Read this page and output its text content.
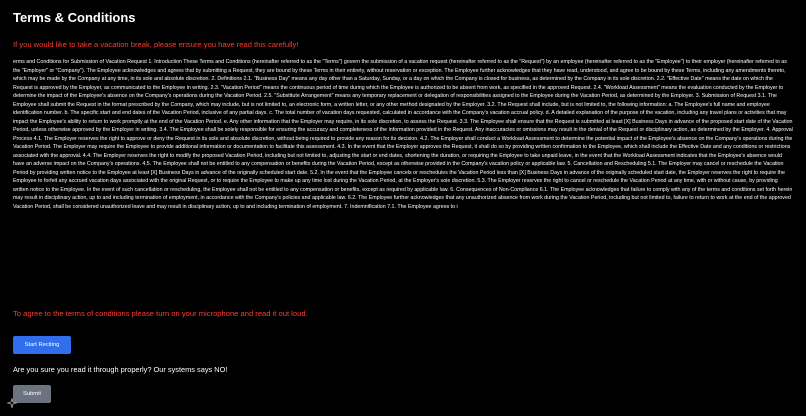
Terms & Conditions
If you would like to take a vacation break, please ensure you have read this carefully!
erms and Conditions for Submission of Vacation Request 1. Introduction These Terms and Conditions (hereinafter referred to as the "Terms") govern the submission of a vacation request (hereinafter referred to as the "Request") by an employee (hereinafter referred to as the "Employee") to their employer (hereinafter referred to as the "Employer" or "Company"). The Employee acknowledges and agrees that by submitting a Request, they are bound by these Terms in their entirety, without reservation or exception. The Employee further acknowledges that they have read, understood, and agree to be bound by these Terms, including any amendments thereto, which may be made by the Company at any time, in its sole and absolute discretion. 2. Definitions 2.1. "Business Day" means any day other than a Saturday, Sunday, or a day on which the Company is closed for business, as determined by the Company in its sole discretion. 2.2. "Effective Date" means the date on which the Request is approved by the Employer, as communicated to the Employee in writing. 2.3. "Vacation Period" means the continuous period of time during which the Employee is authorized to be absent from work, as specified in the approved Request. 2.4. "Workload Assessment" means the evaluation conducted by the Employer to determine the impact of the Employee's absence on the Company's operations during the Vacation Period. 2.5. "Substitute Arrangement" means any temporary replacement or delegation of responsibilities assigned to the Employee during the Vacation Period, as determined by the Employer. 3. Submission of Request 3.1. The Employee shall submit the Request in the format prescribed by the Company, which may include, but is not limited to, an electronic form, a written letter, or any other method designated by the Employer. 3.2. The Request shall include, but is not limited to, the following information: a. The Employee's full name and employee identification number. b. The specific start and end dates of the Vacation Period, inclusive of any partial days. c. The total number of vacation days requested, calculated in accordance with the Company's vacation accrual policy. d. A detailed explanation of the purpose of the vacation, including any travel plans or activities that may impact the Employee's ability to return to work promptly at the end of the Vacation Period. e. Any other information that the Employer may require, in its sole discretion, to assess the Request. 3.3. The Employee shall ensure that the Request is submitted at least [X] Business Days in advance of the proposed start date of the Vacation Period, unless otherwise approved by the Employer in writing. 3.4. The Employee shall be solely responsible for ensuring the accuracy and completeness of the information provided in the Request. Any inaccuracies or omissions may result in the denial of the Request or disciplinary action, as determined by the Employer. 4. Approval Process 4.1. The Employer reserves the right to approve or deny the Request in its sole and absolute discretion, without being required to provide any reason for its decision. 4.2. The Employer shall conduct a Workload Assessment to determine the potential impact of the Employee's absence on the Company's operations during the Vacation Period. The Employer may require the Employee to provide additional information or documentation to facilitate this assessment. 4.3. In the event that the Employer approves the Request, it shall do so by providing written confirmation to the Employee, which shall include the Effective Date and any conditions or restrictions associated with the approval. 4.4. The Employer reserves the right to modify the proposed Vacation Period, including but not limited to, adjusting the start or end dates, shortening the duration, or requiring the Employee to take unpaid leave, in the event that the Workload Assessment indicates that the Employee's absence would have an adverse impact on the Company's operations. 4.5. The Employee shall not be entitled to any compensation or benefits during the Vacation Period, except as otherwise provided in the Company's vacation policy or applicable law. 5. Cancellation and Rescheduling 5.1. The Employer may cancel or reschedule the Vacation Period by providing written notice to the Employee at least [X] Business Days in advance of the originally scheduled start date. 5.2. In the event that the Employee cancels or reschedules the Vacation Period less than [X] Business Days in advance of the originally scheduled start date, the Employer reserves the right to require the Employee to forfeit any accrued vacation days associated with the original Request, or to require the Employee to make up any time lost during the Vacation Period, at the Employer's sole discretion. 5.3. The Employer reserves the right to cancel or reschedule the Vacation Period at any time, with or without cause, by providing written notice to the Employee. In the event of such cancellation or rescheduling, the Employee shall not be entitled to any compensation or benefits, except as required by applicable law. 6. Consequences of Non-Compliance 6.1. The Employee acknowledges that failure to comply with any of the terms and conditions set forth herein may result in disciplinary action, up to and including termination of employment, in accordance with the Company's policies and applicable law. 6.2. The Employee further acknowledges that any unauthorized absence from work during the Vacation Period, including but not limited to, failure to return to work at the end of the approved Vacation Period, shall be considered unauthorized leave and may result in disciplinary action, up to and including termination of employment. 7. Indemnification 7.1. The Employee agrees to i
To agree to the terms of conditions please turn on your microphone and read it out loud.
Start Reciting
Are you sure you read it through properly? Our systems says NO!
Submit
